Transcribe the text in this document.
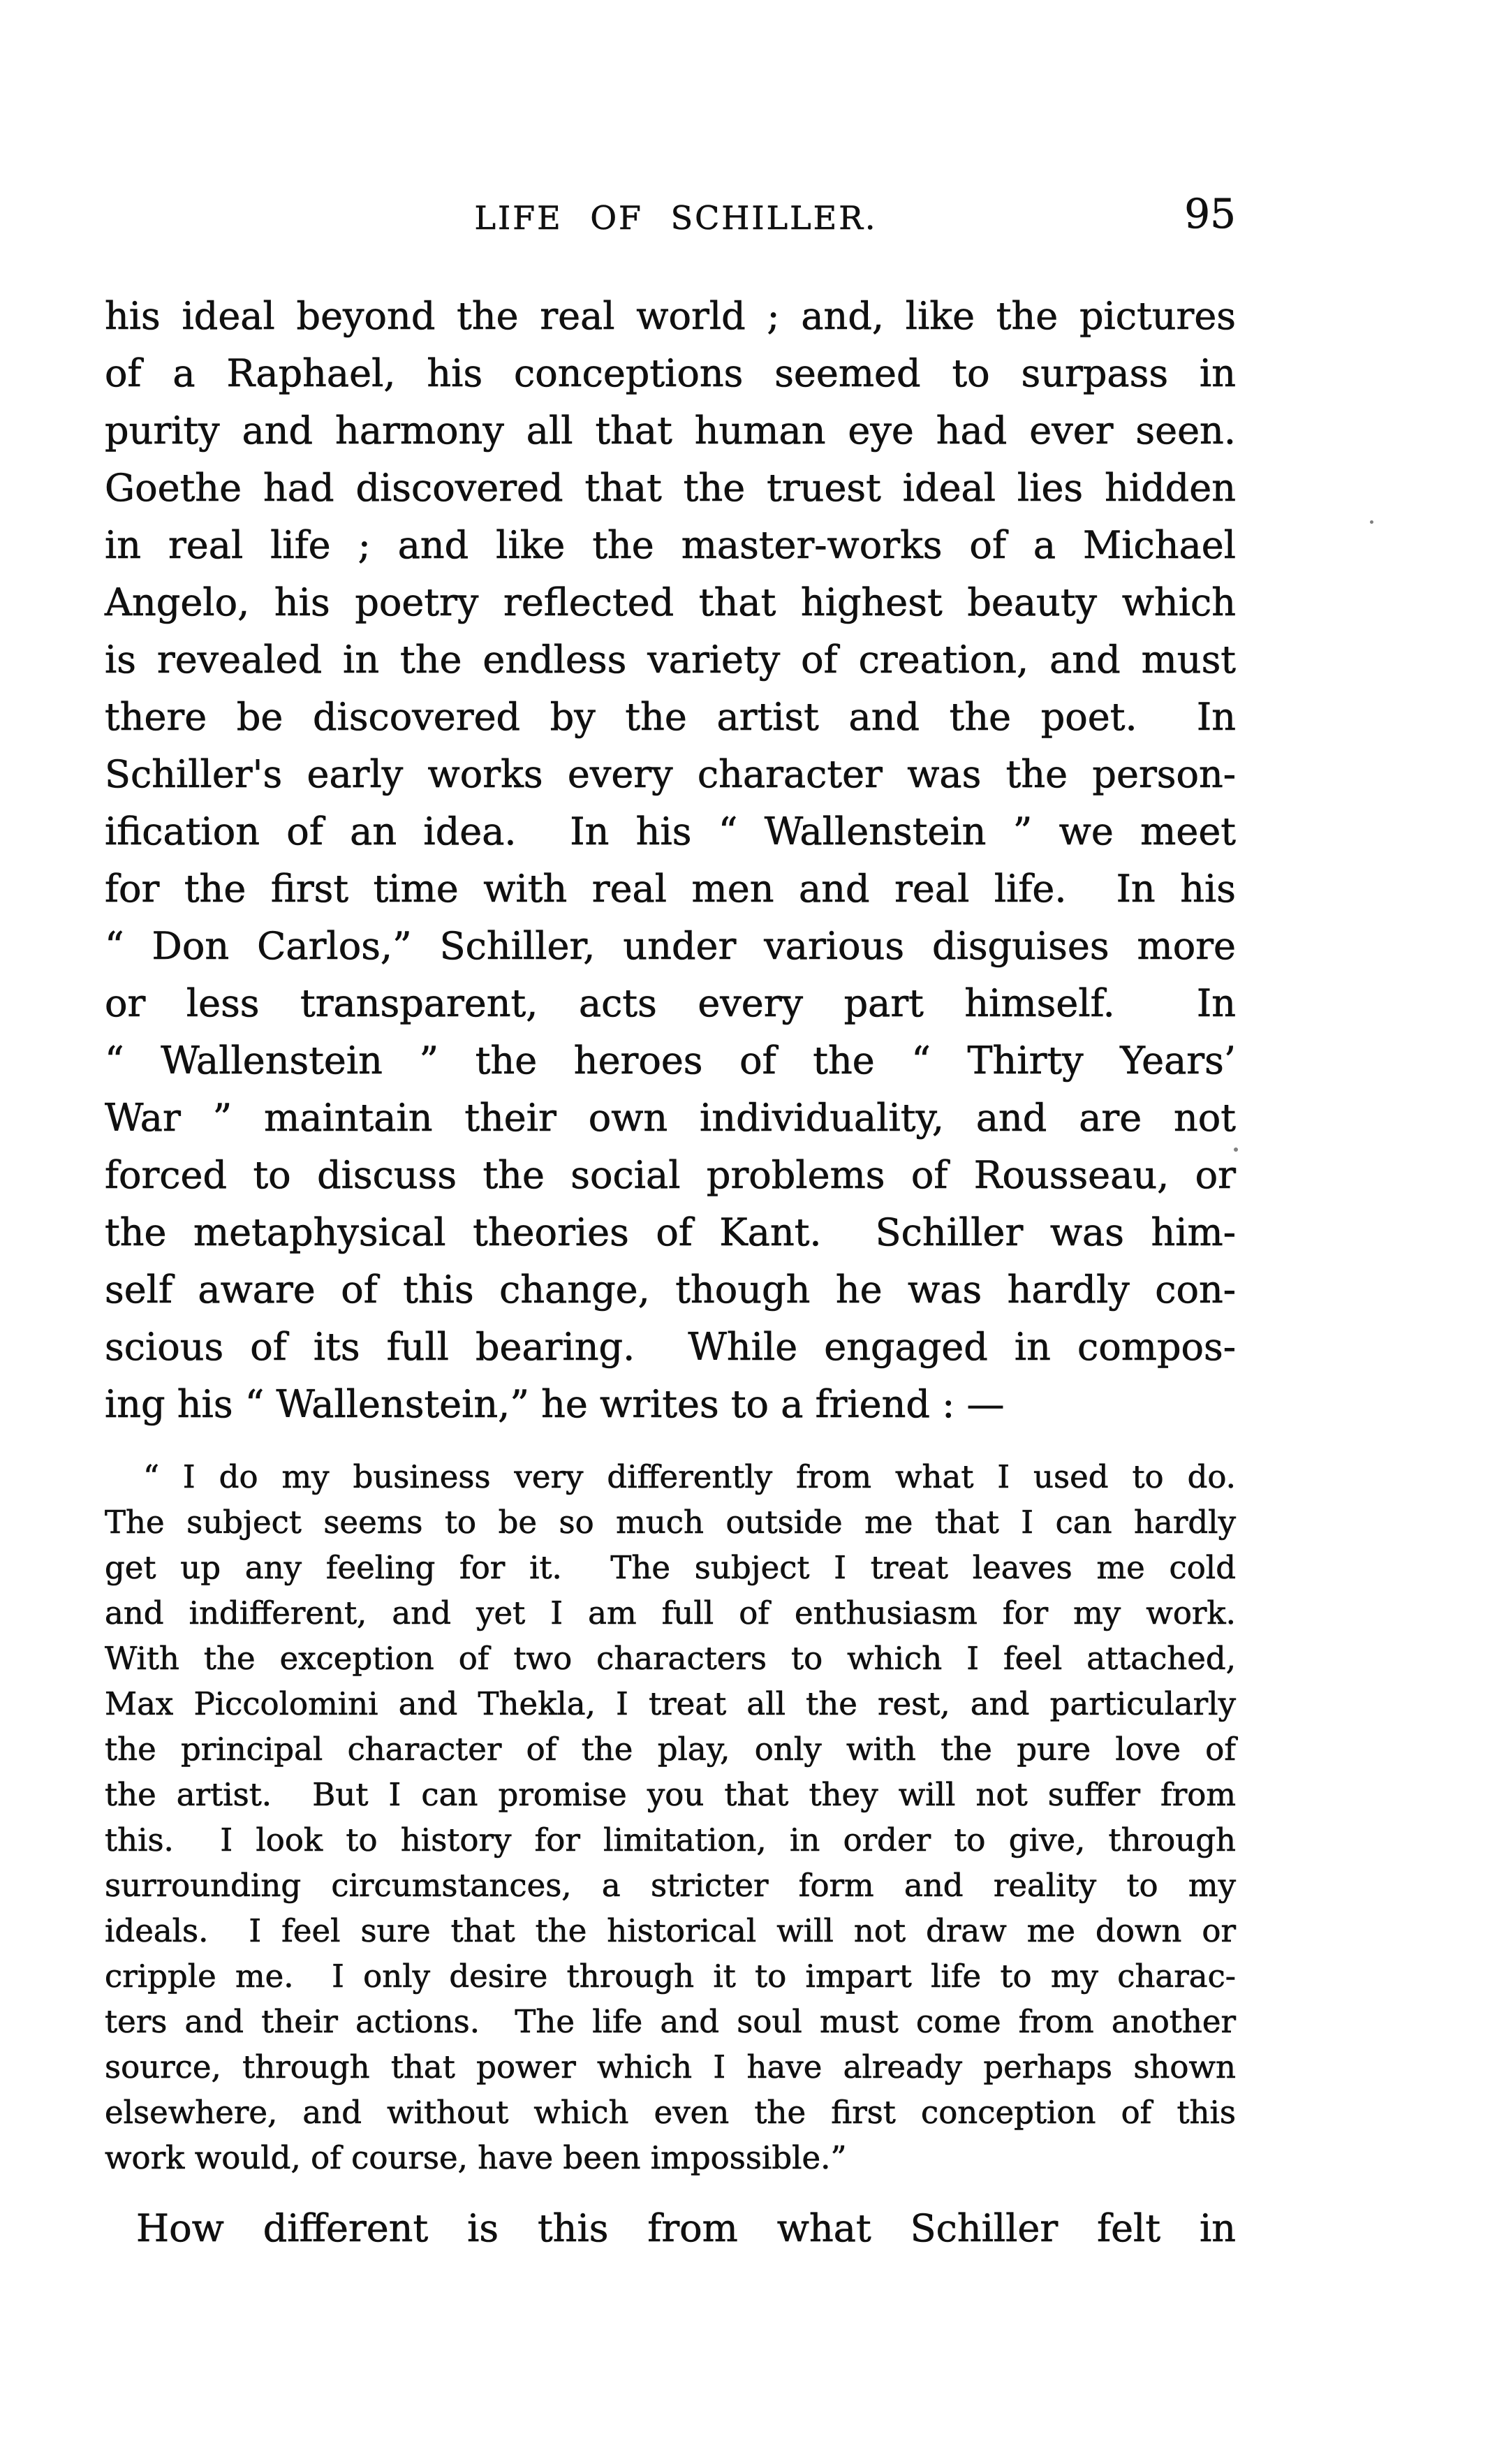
LIFE OF SCHILLER.	95
his ideal beyond the real world ; and, like the pictures
of a Raphael, his conceptions seemed to surpass in
purity and harmony all that human eye had ever seen.
Goethe had discovered that the truest ideal lies hidden
in real life ; and like the master-works of a Michael
Angelo, his poetry reflected that highest beauty which
is revealed in the endless variety of creation, and must
there be discovered by the artist and the poet.  In
Schiller's early works every character was the person-
ification of an idea.  In his “ Wallenstein ” we meet
for the first time with real men and real life.  In his
“ Don Carlos,” Schiller, under various disguises more
or less transparent, acts every part himself.  In
“ Wallenstein ” the heroes of the “ Thirty Years’
War ” maintain their own individuality, and are not
forced to discuss the social problems of Rousseau, or
the metaphysical theories of Kant.  Schiller was him-
self aware of this change, though he was hardly con-
scious of its full bearing.  While engaged in compos-
ing his “ Wallenstein,” he writes to a friend : —
“ I do my business very differently from what I used to do.
The subject seems to be so much outside me that I can hardly
get up any feeling for it.  The subject I treat leaves me cold
and indifferent, and yet I am full of enthusiasm for my work.
With the exception of two characters to which I feel attached,
Max Piccolomini and Thekla, I treat all the rest, and particularly
the principal character of the play, only with the pure love of
the artist.  But I can promise you that they will not suffer from
this.  I look to history for limitation, in order to give, through
surrounding circumstances, a stricter form and reality to my
ideals.  I feel sure that the historical will not draw me down or
cripple me.  I only desire through it to impart life to my charac-
ters and their actions.  The life and soul must come from another
source, through that power which I have already perhaps shown
elsewhere, and without which even the first conception of this
work would, of course, have been impossible.”

How  different  is  this  from  what  Schiller  felt  in
